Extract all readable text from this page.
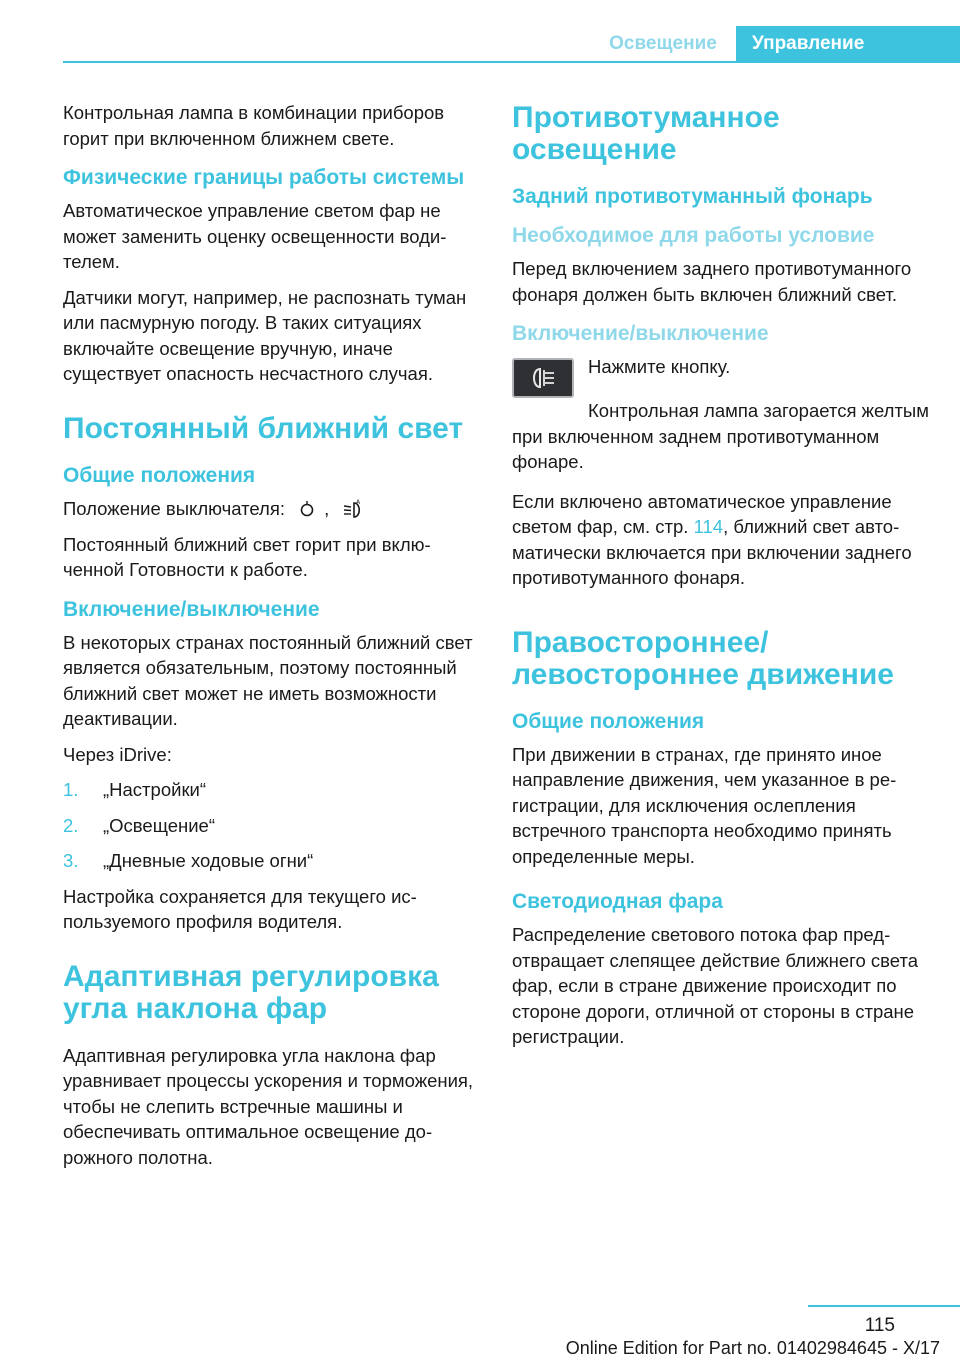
Освещение	Управление

Контрольная лампа в комбинации приборов горит при включенном ближнем свете.

Физические границы работы системы

Автоматическое управление светом фар не может заменить оценку освещенности водителем.

Датчики могут, например, не распознать туман или пасмурную погоду. В таких ситуациях включайте освещение вручную, иначе существует опасность несчастного случая.

Постоянный ближний свет
Общие положения

Положение выключателя: ,	A

Постоянный ближний свет горит при включенной Готовности к работе.

Включение/выключение

В некоторых странах постоянный ближний свет является обязательным, поэтому постоянный ближний свет может не иметь возможности деактивации.

Через iDrive:

1.	„Настройки“
2.	„Освещение“
3.	„Дневные ходовые огни“

Настройка сохраняется для текущего используемого профиля водителя.

Адаптивная регулировка угла наклона фар

Адаптивная регулировка угла наклона фар уравнивает процессы ускорения и торможения, чтобы не слепить встречные машины и обеспечивать оптимальное освещение дорожного полотна.

Противотуманное освещение
Задний противотуманный фонарь
Необходимое для работы условие

Перед включением заднего противотуманного фонаря должен быть включен ближний свет.

Включение/выключение

Нажмите кнопку.

Контрольная лампа загорается желтым при включенном заднем противотуманном фонаре.

Если включено автоматическое управление светом фар, см. стр. 114, ближний свет автоматически включается при включении заднего противотуманного фонаря.

Правостороннее/ левостороннее движение
Общие положения

При движении в странах, где принято иное направление движения, чем указанное в регистрации, для исключения ослепления встречного транспорта необходимо принять определенные меры.

Светодиодная фара

Распределение светового потока фар предотвращает слепящее действие ближнего света фар, если в стране движение происходит по стороне дороги, отличной от стороны в стране регистрации.

115
Online Edition for Part no. 01402984645 - X/17
